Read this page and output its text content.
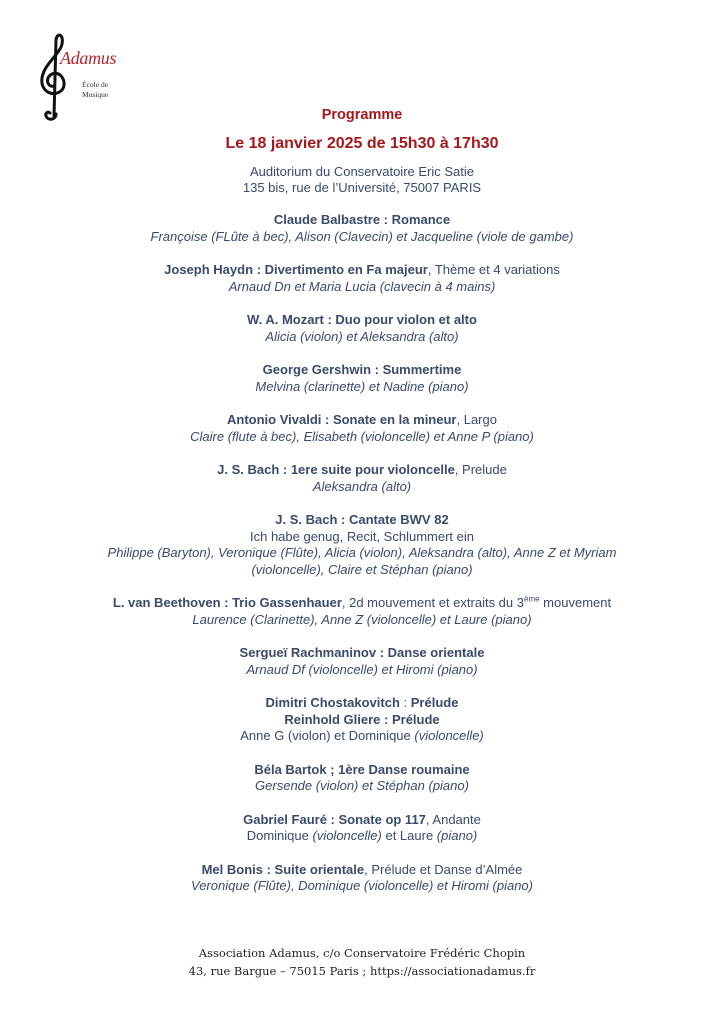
Adamus
École de
Musique

Programme

Le 18 janvier 2025 de 15h30 à 17h30

Auditorium du Conservatoire Eric Satie
135 bis, rue de l’Université, 75007 PARIS
Claude Balbastre : Romance
Françoise (FLûte à bec), Alison (Clavecin) et Jacqueline (viole de gambe)
Joseph Haydn : Divertimento en Fa majeur, Thème et 4 variations
Arnaud Dn et Maria Lucia (clavecin à 4 mains)
W. A. Mozart : Duo pour violon et alto
Alicia (violon) et Aleksandra (alto)
George Gershwin : Summertime
Melvina (clarinette) et Nadine (piano)
Antonio Vivaldi : Sonate en la mineur, Largo
Claire (flute à bec), Elisabeth (violoncelle) et Anne P (piano)
J. S. Bach : 1ere suite pour violoncelle, Prelude
Aleksandra (alto)
J. S. Bach : Cantate BWV 82
Ich habe genug, Recit, Schlummert ein
Philippe (Baryton), Veronique (Flûte), Alicia (violon), Aleksandra (alto), Anne Z et Myriam
(violoncelle), Claire et Stéphan (piano)
L. van Beethoven : Trio Gassenhauer, 2d mouvement et extraits du 3ème mouvement
Laurence (Clarinette), Anne Z (violoncelle) et Laure (piano)
Sergueï Rachmaninov : Danse orientale
Arnaud Df (violoncelle) et Hiromi (piano)
Dimitri Chostakovitch : Prélude
Reinhold Gliere : Prélude
Anne G (violon) et Dominique (violoncelle)
Béla Bartok ; 1ère Danse roumaine
Gersende (violon) et Stéphan (piano)
Gabriel Fauré : Sonate op 117, Andante
Dominique (violoncelle) et Laure (piano)
Mel Bonis : Suite orientale, Prélude et Danse d’Almée
Veronique (Flûte), Dominique (violoncelle) et Hiromi (piano)
Association Adamus, c/o Conservatoire Frédéric Chopin
43, rue Bargue – 75015 Paris ; https://associationadamus.fr
